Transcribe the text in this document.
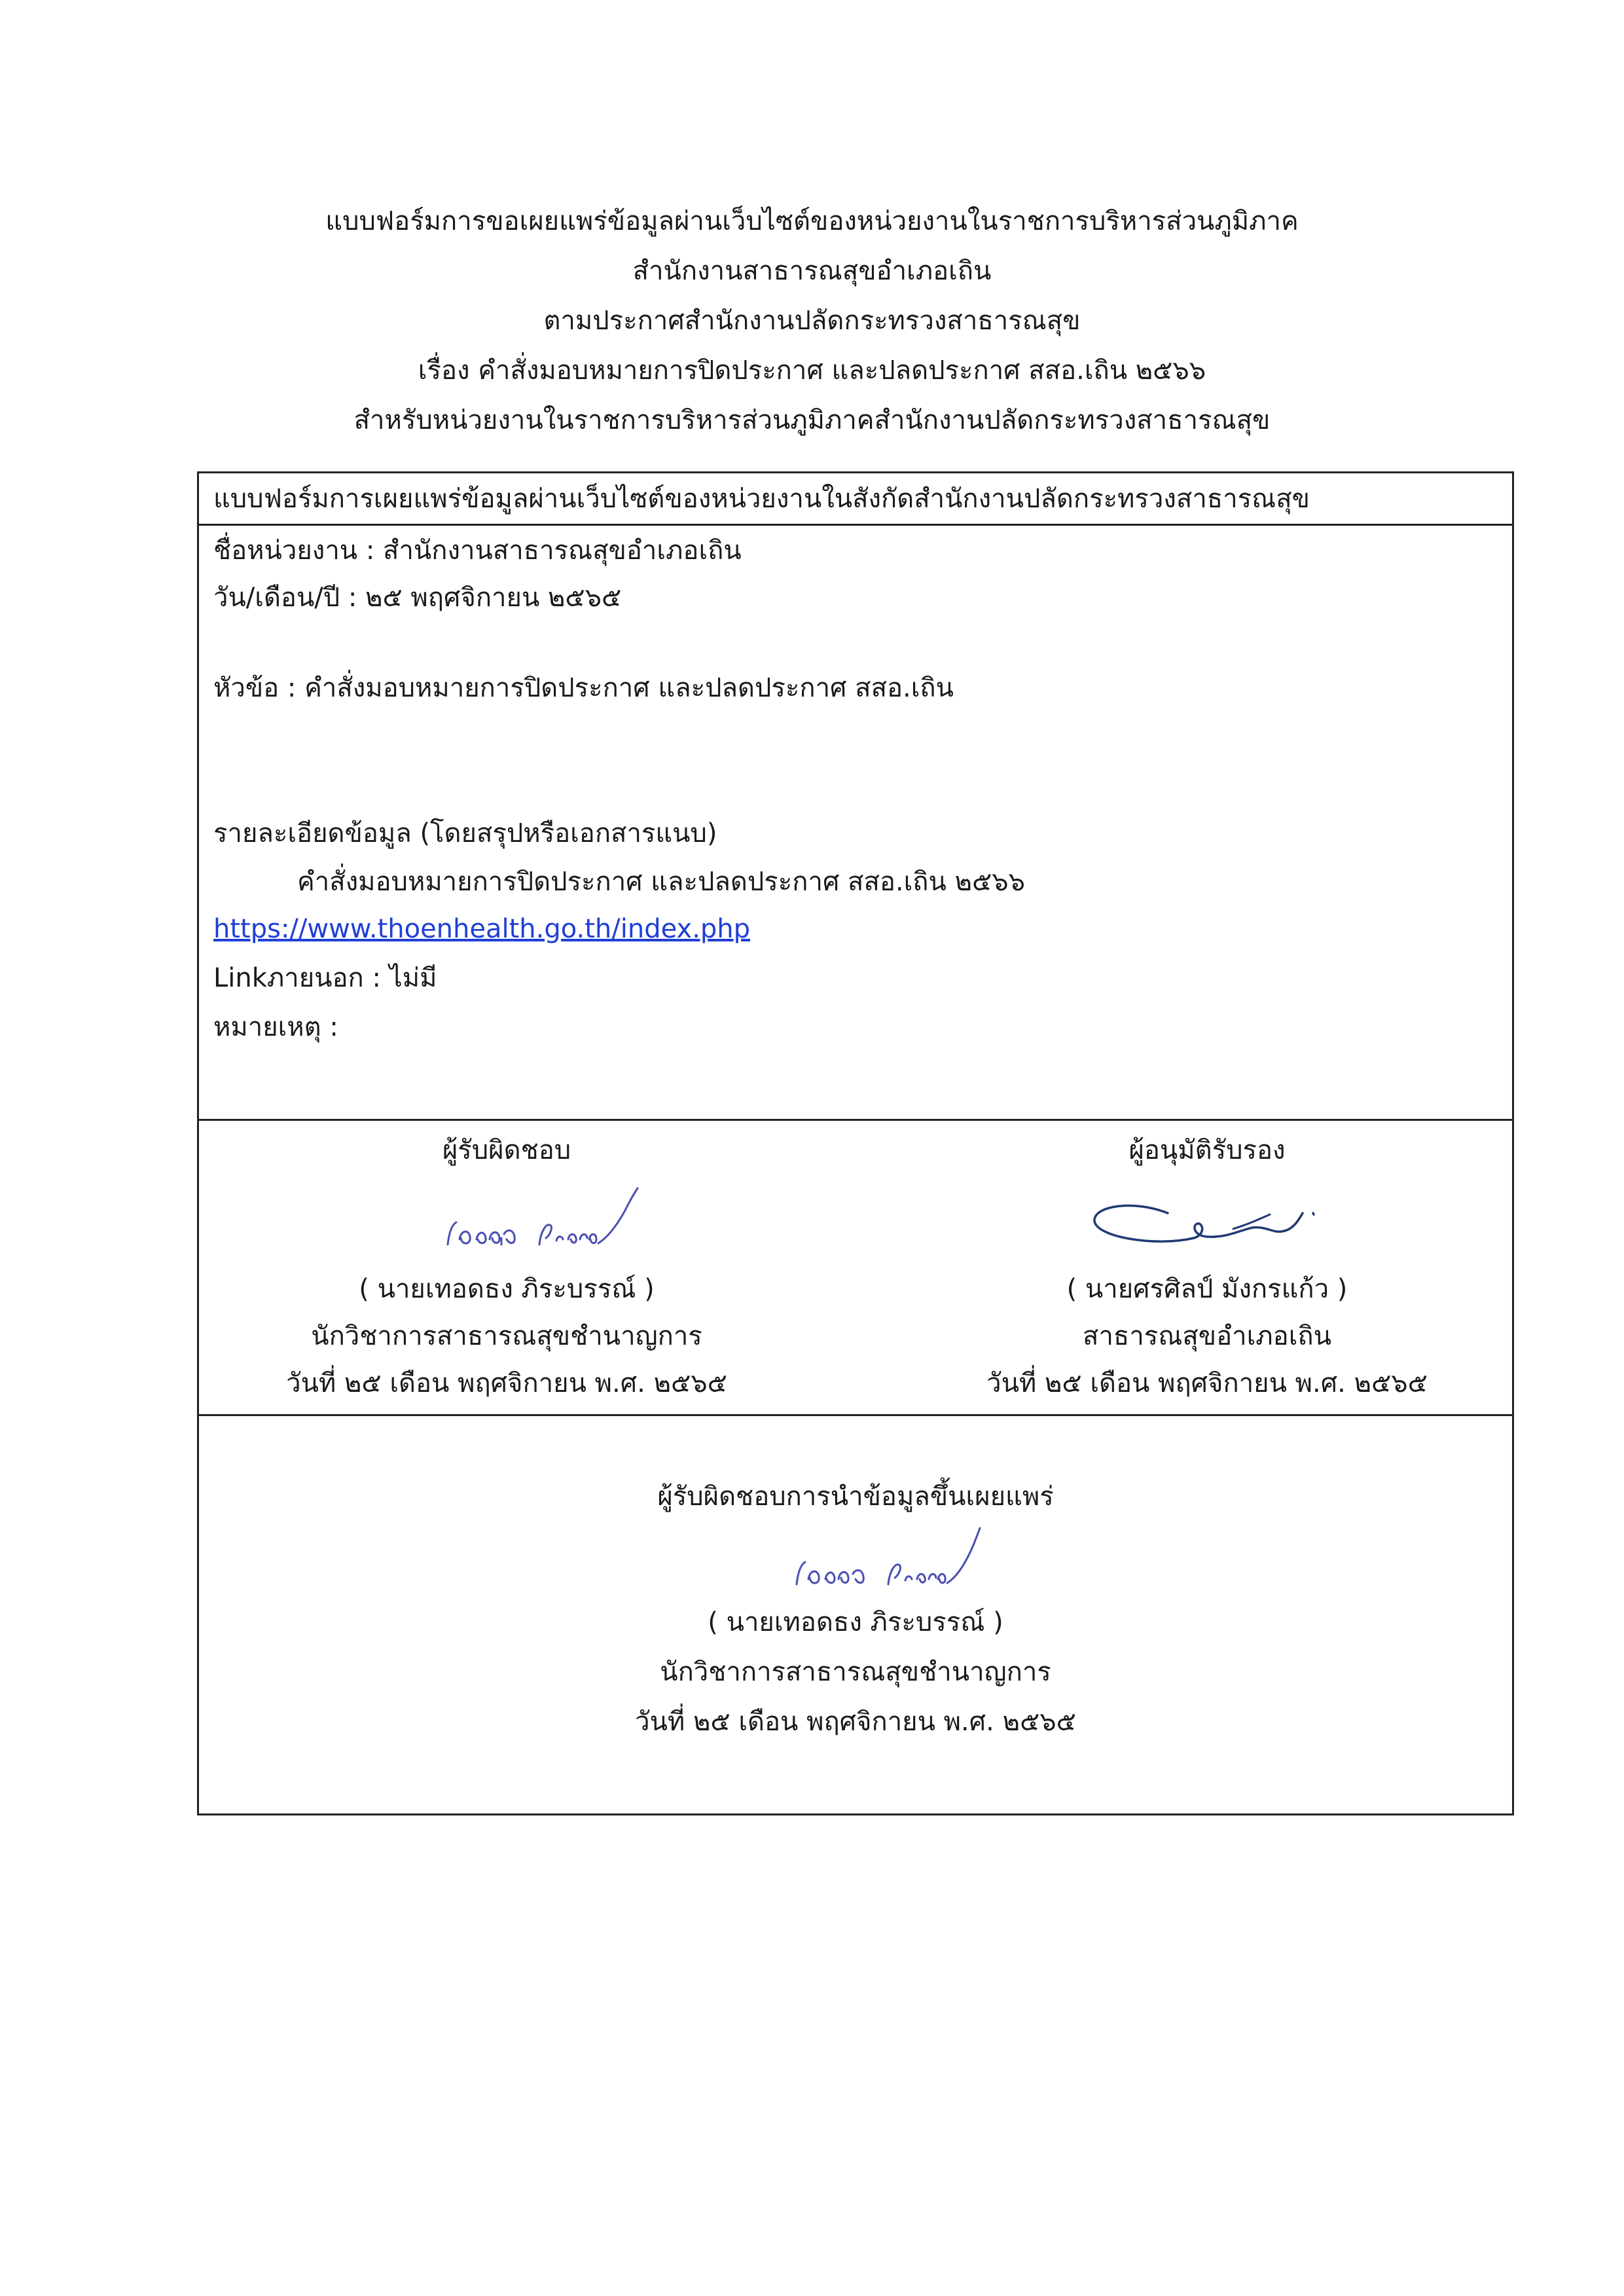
แบบฟอร์มการขอเผยแพร่ข้อมูลผ่านเว็บไซต์ของหน่วยงานในราชการบริหารส่วนภูมิภาค
สำนักงานสาธารณสุขอำเภอเถิน
ตามประกาศสำนักงานปลัดกระทรวงสาธารณสุข
เรื่อง คำสั่งมอบหมายการปิดประกาศ และปลดประกาศ สสอ.เถิน ๒๕๖๖
สำหรับหน่วยงานในราชการบริหารส่วนภูมิภาคสำนักงานปลัดกระทรวงสาธารณสุข
แบบฟอร์มการเผยแพร่ข้อมูลผ่านเว็บไซต์ของหน่วยงานในสังกัดสำนักงานปลัดกระทรวงสาธารณสุข
ชื่อหน่วยงาน : สำนักงานสาธารณสุขอำเภอเถิน
วัน/เดือน/ปี : ๒๕ พฤศจิกายน ๒๕๖๕
หัวข้อ : คำสั่งมอบหมายการปิดประกาศ และปลดประกาศ สสอ.เถิน
รายละเอียดข้อมูล (โดยสรุปหรือเอกสารแนบ)
คำสั่งมอบหมายการปิดประกาศ และปลดประกาศ สสอ.เถิน ๒๕๖๖
https://www.thoenhealth.go.th/index.php
Linkภายนอก : ไม่มี
หมายเหตุ :
ผู้รับผิดชอบ
( นายเทอดธง ภิระบรรณ์ )
นักวิชาการสาธารณสุขชำนาญการ
วันที่ ๒๕ เดือน พฤศจิกายน พ.ศ. ๒๕๖๕
ผู้อนุมัติรับรอง
( นายศรศิลป์ มังกรแก้ว )
สาธารณสุขอำเภอเถิน
วันที่ ๒๕ เดือน พฤศจิกายน พ.ศ. ๒๕๖๕
ผู้รับผิดชอบการนำข้อมูลขึ้นเผยแพร่
( นายเทอดธง ภิระบรรณ์ )
นักวิชาการสาธารณสุขชำนาญการ
วันที่ ๒๕ เดือน พฤศจิกายน พ.ศ. ๒๕๖๕
